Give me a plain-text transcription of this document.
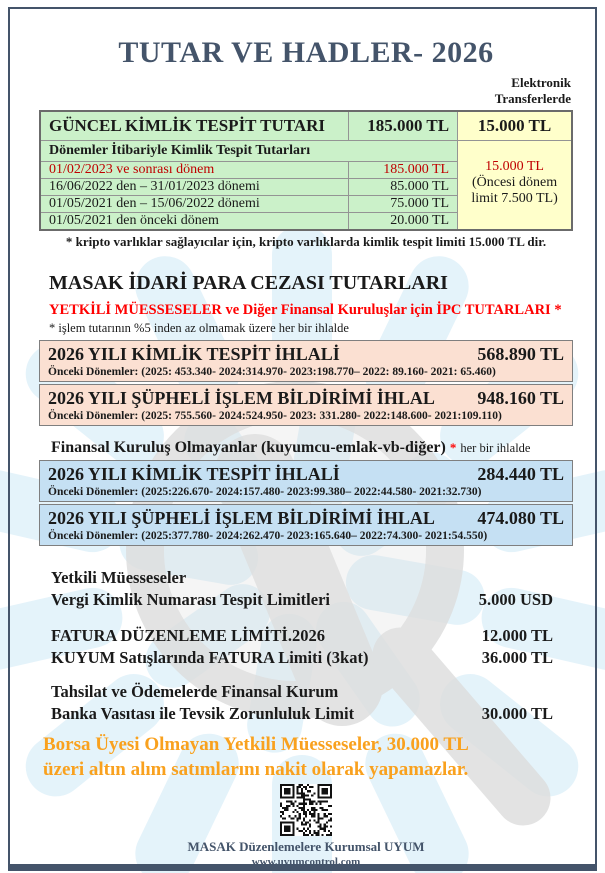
TUTAR VE HADLER- 2026
Elektronik
Transferlerde
GÜNCEL KİMLİK TESPİT TUTARI	185.000 TL	15.000 TL
Dönemler İtibariyle Kimlik Tespit Tutarları		15.000 TL
(Öncesi dönem
limit 7.500 TL)

01/02/2023 ve sonrası dönem	185.000 TL	
16/06/2022 den – 31/01/2023 dönemi	85.000 TL	
01/05/2021 den – 15/06/2022 dönemi	75.000 TL	
01/05/2021 den önceki dönem	20.000 TL	
* kripto varlıklar sağlayıcılar için, kripto varlıklarda kimlik tespit limiti 15.000 TL dir.
MASAK İDARİ PARA CEZASI TUTARLARI
YETKİLİ MÜESSESELER ve Diğer Finansal Kuruluşlar için İPC TUTARLARI *
* işlem tutarının %5 inden az olmamak üzere her bir ihlalde
2026 YILI KİMLİK TESPİT İHLALİ	568.890 TL
Önceki Dönemler: (2025: 453.340- 2024:314.970- 2023:198.770– 2022: 89.160- 2021: 65.460)
2026 YILI ŞÜPHELİ İŞLEM BİLDİRİMİ İHLAL 948.160 TL
Önceki Dönemler: (2025: 755.560- 2024:524.950- 2023: 331.280- 2022:148.600- 2021:109.110)
Finansal Kuruluş Olmayanlar (kuyumcu-emlak-vb-diğer) * her bir ihlalde
2026 YILI KİMLİK TESPİT İHLALİ	284.440 TL
Önceki Dönemler: (2025:226.670- 2024:157.480- 2023:99.380– 2022:44.580- 2021:32.730)
2026 YILI ŞÜPHELİ İŞLEM BİLDİRİMİ İHLAL 474.080 TL
Önceki Dönemler: (2025:377.780- 2024:262.470- 2023:165.640– 2022:74.300- 2021:54.550)
Yetkili Müesseseler
Vergi Kimlik Numarası Tespit Limitleri	5.000 USD
FATURA DÜZENLEME LİMİTİ.2026	12.000 TL
KUYUM Satışlarında FATURA Limiti (3kat)	36.000 TL
Tahsilat ve Ödemelerde Finansal Kurum
Banka Vasıtası ile Tevsik Zorunluluk Limit	30.000 TL
Borsa Üyesi Olmayan Yetkili Müesseseler, 30.000 TL
üzeri altın alım satımlarını nakit olarak yapamazlar.
MASAK Düzenlemelere Kurumsal UYUM
www.uyumcontrol.com
